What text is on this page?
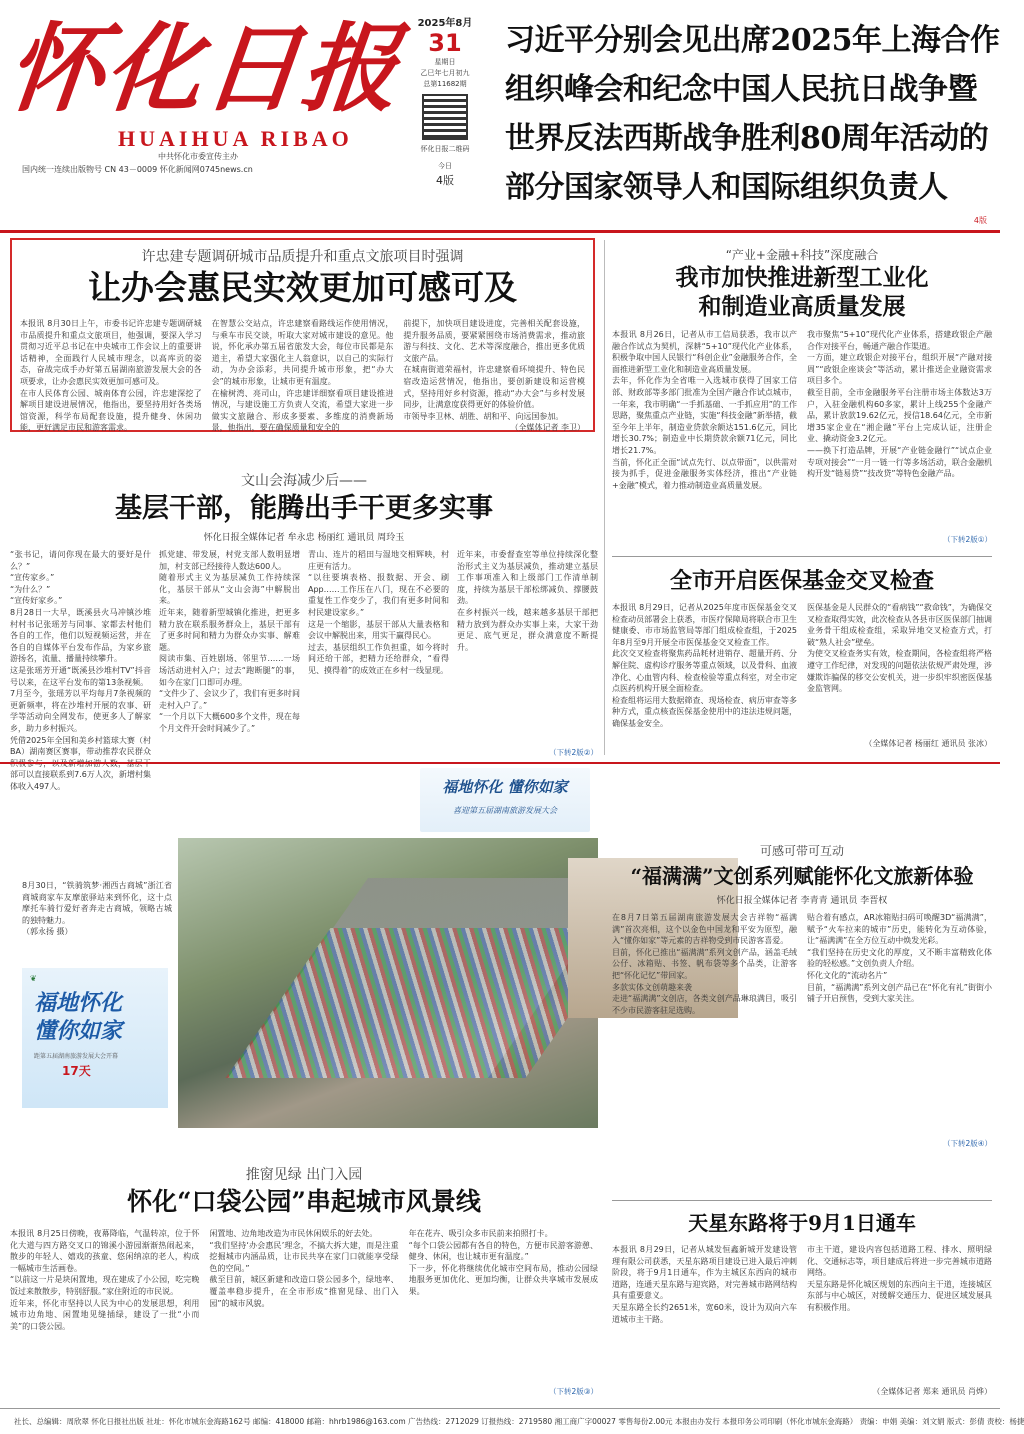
怀化日报
HUAIHUA RIBAO
中共怀化市委宣传主办
国内统一连续出版物号 CN 43－0009 怀化新闻网0745news.cn
2025年8月
31
星期日
乙巳年七月初九
总第11682期
怀化日报二维码
今日
4版
习近平分别会见出席2025年上海合作
组织峰会和纪念中国人民抗日战争暨
世界反法西斯战争胜利80周年活动的
部分国家领导人和国际组织负责人
4版
许忠建专题调研城市品质提升和重点文旅项目时强调
让办会惠民实效更加可感可及
本报讯 8月30日上午，市委书记许忠建专题调研城市品质提升和重点文旅项目，他强调，要深入学习贯彻习近平总书记在中央城市工作会议上的重要讲话精神，全面践行人民城市理念，以高库贡的姿态，奋战完成手办好第五届湖南旅游发展大会的各项要求，让办会惠民实效更加可感可及。
在市人民体育公园、城南体育公园，许忠建深挖了解项目建设进展情况，他指出，要坚持用好各类场馆资源，科学布局配套设施，提升健身、休闲功能，更好满足市民和游客需求。
在智慧公交站点，许忠建察看路线运作使用情况，与乘车市民交谈，听取大家对城市建设的意见。他说，怀化承办第五届省旅发大会，每位市民都是东道主，希望大家强化主人翁意识，以自己的实际行动，为办会添彩，共同提升城市形象，把“办大会”的城市形象，让城市更有温度。
在榆树湾、亮司山，许忠建详细察看项目建设推进情况，与建设施工方负责人交流，希望大家进一步做实文旅融合、形成多要素、多维度的消费新场景，他指出，要在确保质量和安全的
前提下，加快项目建设进度，完善相关配套设施，提升服务品质，要紧紧围绕市场消费需求，推动旅游与科技、文化、艺术等深度融合，推出更多优质文旅产品。
在城南街道荣福村，许忠建察看环境提升、特色民宿改造运营情况，他指出，要创新建设和运营模式，坚持用好乡村资源，推动“办大会”与乡村发展同步，让满意度获得更好的体验价值。
市领导李卫林、胡胜、胡和平、向远国参加。
（全媒体记者 李卫）
“产业+金融+科技”深度融合
我市加快推进新型工业化
和制造业高质量发展
本报讯 8月26日，记者从市工信局获悉，我市以产融合作试点为契机，深耕“5+10”现代化产业体系，积极争取中国人民银行“科创企业”金融服务合作，全面推进新型工业化和制造业高质量发展。
去年，怀化作为全省唯一入选城市获得了国家工信部、财政部等多部门批准为全国产融合作试点城市，一年来，我市明确“一手抓基础、一手抓应用”的工作思路，聚焦重点产业链，实施“科技金融”新举措，截至今年上半年，制造业贷款余额达151.6亿元，同比增长30.7%；制造业中长期贷款余额71亿元，同比增长21.7%。
当前，怀化正全面“试点先行、以点带面”，以供需对接为抓手，促进金融服务实体经济，推出“产业链+金融”模式，着力推动制造业高质量发展。
我市聚焦“5+10”现代化产业体系，搭建政银企产融合作对接平台，畅通产融合作渠道。
一方面，建立政银企对接平台，组织开展“产融对接周”“政银企座谈会”等活动，累计推送企业融资需求项目多个。
截至目前，全市金融服务平台注册市场主体数达3万户，入驻金融机构60多家，累计上线255个金融产品，累计放款19.62亿元，授信18.64亿元，全市新增35家企业在“湘企融”平台上完成认证，注册企业、撬动资金3.2亿元。
——换下打造品牌，开展“产业链金融行”“试点企业专项对接会”“一月一链一行等多场活动，联合金融机构开发“链易贷”“技改贷”等特色金融产品。
（下转2版①）
文山会海减少后——
基层干部，能腾出手干更多实事
怀化日报全媒体记者 牟永忠 杨丽红 通讯员 周玲玉
“张书记，请问你现在最大的要好是什么？”
“宣传家乡。”
“为什么？”
“宣传好家乡。”
8月28日一大早，既溪县火马冲镇沙堆村村书记张瑶芳与同事、家都去村他们各自的工作，他们以短视频运营，并在各自的自媒体平台发布作品，为家乡旅游扬名，流量、播量持续攀升。
这是张瑶芳开通“既溪县沙堆村TV”抖音号以来，在这平台发布的第13条视频。
7月至今，张瑶芳以平均每月7条视频的更新频率，将在沙堆村开展的农事、研学等活动向全网发布，使更多人了解家乡，助力乡村振兴。
凭借2025年全国和美乡村篮球大赛（村BA）湖南赛区赛事，带动推荐农民群众 部可以直接联系到7.6万人次，新增村集体收入497人。
抓党建、带发展，村党支部人数明显增加，村支部已经接待人数达600人。
随着形式主义为基层减负工作持续深化，基层干部从“文山会海”中解脱出来。
近年来，随着新型城镇化推进，把更多精力放在联系服务群众上，基层干部有了更多时间和精力为群众办实事、解难题。
阅读市集、百姓剧场、邻里节……一场场活动进村入户；过去“跑断腿”的事，如今在家门口即可办理。
“文件少了、会议少了，我们有更多时间走村入户了。”
“一个月以下大概600多个文件，现在每个月文件开会时间减少了。”
青山、连片的稻田与湿地交相辉映，村庄更有活力。
“以往要填表格、报数据、开会、刷App……工作压在八门，现在不必要的重复性工作变少了，我们有更多时间和村民建设家乡。”
这是一个缩影，基层干部从大量表格和会议中解脱出来，用实干赢得民心。
过去，基层组织工作负担重，如今将时间还给干部，把精力还给群众，“看得见、摸得着”的成效正在乡村一线显现。
近年来，市委督查室等单位持续深化整治形式主义为基层减负，推动建立基层工作事项准入和上级部门工作清单制度，持续为基层干部松绑减负、撑腰鼓劲。
在乡村振兴一线，越来越多基层干部把精力放到为群众办实事上来，大家干劲更足、底气更足，群众满意度不断提升。
（下转2版②）
全市开启医保基金交叉检查
本报讯 8月29日，记者从2025年度市医保基金交叉检查动员部署会上获悉，市医疗保障局将联合市卫生健康委、市市场监管局等部门组成检查组，于2025年8月至9月开展全市医保基金交叉检查工作。
此次交叉检查将聚焦药品耗材进销存、超量开药、分解住院、虚构诊疗服务等重点领域，以及骨科、血液净化、心血管内科、检查检验等重点科室，对全市定点医药机构开展全面检查。
检查组将运用大数据筛查、现场检查、病历审查等多种方式，重点核查医保基金使用中的违法违规问题，确保基金安全。
医保基金是人民群众的“看病钱”“救命钱”，为确保交叉检查取得实效，此次检查从各县市区医保部门抽调业务骨干组成检查组，采取异地交叉检查方式，打破“熟人社会”壁垒。
为使交叉检查务实有效，检查期间，各检查组将严格遵守工作纪律，对发现的问题依法依规严肃处理，涉嫌欺诈骗保的移交公安机关，进一步织牢织密医保基金监管网。
（全媒体记者 杨丽红 通讯员 张冰）
福地怀化 懂你如家
喜迎第五届湖南旅游发展大会
8月30日，“铁骑筑梦·湘西古商城”浙江省商城商家车友摩旅驿站来到怀化，这十点摩托车骑行爱好者奔走古商城，领略古城的独特魅力。
（郭永扬 摄）
❦
福地怀化
懂你如家
距第五届湖南旅游发展大会开幕
17天
可感可带可互动
“福满满”文创系列赋能怀化文旅新体验
怀化日报全媒体记者 李青青 通讯员 李晋权
在8月7日第五届湖南旅游发展大会吉祥物“福满满”首次亮相，这个以金色中国龙和平安为原型，融入“懂你如家”等元素的吉祥物受到市民游客喜爱。
目前，怀化已推出“福满满”系列文创产品，涵盖毛绒公仔、冰箱贴、书签、帆布袋等多个品类，让游客把“怀化记忆”带回家。
多款实体文创萌趣来袭
走进“福满满”文创店，各类文创产品琳琅满目，吸引不少市民游客驻足选购。
贴合着有感点，AR冰箱贴扫码可唤醒3D“福满满”，赋予“火车拉来的城市”历史，能转化为互动体验，让“福满满”在全方位互动中焕发光彩。
“我们坚持在历史文化的厚度，又不断丰富精致化体验的轻松感。”文创负责人介绍。
怀化文化的“流动名片”
目前，“福满满”系列文创产品已在“怀化有礼”街街小铺子开启预售，受到大家关注。
（下转2版④）
推窗见绿 出门入园
怀化“口袋公园”串起城市风景线
本报讯 8月25日傍晚，夜幕降临，气温转凉，位于怀化大道与四方路交叉口的锦溪小游园渐渐热闹起来，散步的年轻人、嬉戏的孩童、悠闲纳凉的老人，构成一幅城市生活画卷。
“以前这一片是块闲置地，现在建成了小公园，吃完晚饭过来散散步，特别舒服。”家住附近的市民说。
近年来，怀化市坚持以人民为中心的发展思想，利用城市边角地、闲置地见缝插绿，建设了一批“小而美”的口袋公园。
闲置地、边角地改造为市民休闲娱乐的好去处。
“我们坚持‘办会惠民’理念，不搞大拆大建，而是注重挖掘城市内涵品质，让市民共享在家门口就能享受绿色的空间。”
截至目前，城区新建和改造口袋公园多个，绿地率、覆盖率稳步提升，在全市形成“推窗见绿、出门入园”的城市风貌。
年在花卉、吸引众多市民前来拍照打卡。
“每个口袋公园都有各自的特色，方便市民游客游憩、健身、休闲，也让城市更有温度。”
下一步，怀化将继续优化城市空间布局，推动公园绿地服务更加优化、更加均衡，让群众共享城市发展成果。
（下转2版③）
天星东路将于9月1日通车
本报讯 8月29日，记者从城发恒鑫新城开发建设管理有限公司获悉，天星东路项目建设已进入最后冲刺阶段，将于9月1日通车，作为主城区东西向的城市道路，连通天星东路与迎宾路，对完善城市路网结构具有重要意义。
天星东路全长约2651米，宽60米，设计为双向六车道城市主干路。
市主干道，建设内容包括道路工程、排水、照明绿化、交通标志等，项目建成后将进一步完善城市道路网络。
天星东路是怀化城区规划的东西向主干道，连接城区东部与中心城区，对缓解交通压力、促进区域发展具有积极作用。
（全媒体记者 郑来 通讯员 肖烨）
社长、总编辑：周欣翠 怀化日报社出版 社址：怀化市城东金海路162号 邮编：418000 邮箱：hhrb1986@163.com 广告热线：2712029 订报热线：2719580 湘工商广字00027 零售每份2.00元 本报由办发行 本报印务公司印刷（怀化市城东金海路） 责编：申娟 美编：刘文娟 版式：彭倩 责校：杨捷
